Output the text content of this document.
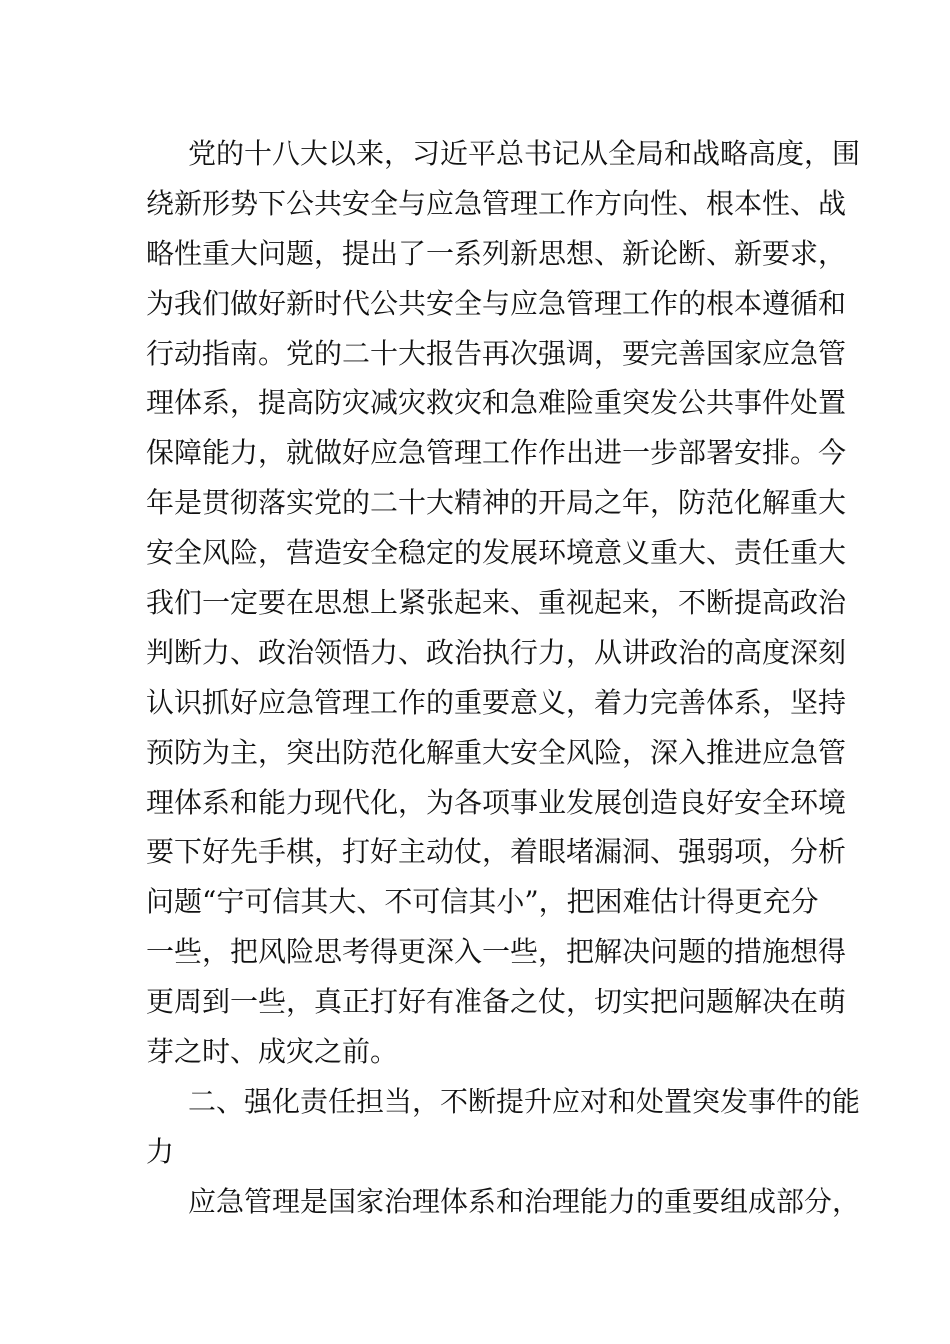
党的十八大以来，习近平总书记从全局和战略高度，围
绕新形势下公共安全与应急管理工作方向性、根本性、战
略性重大问题，提出了一系列新思想、新论断、新要求，
为我们做好新时代公共安全与应急管理工作的根本遵循和
行动指南。党的二十大报告再次强调，要完善国家应急管
理体系，提高防灾减灾救灾和急难险重突发公共事件处置
保障能力，就做好应急管理工作作出进一步部署安排。今
年是贯彻落实党的二十大精神的开局之年，防范化解重大
安全风险，营造安全稳定的发展环境意义重大、责任重大
我们一定要在思想上紧张起来、重视起来，不断提高政治
判断力、政治领悟力、政治执行力，从讲政治的高度深刻
认识抓好应急管理工作的重要意义，着力完善体系，坚持
预防为主，突出防范化解重大安全风险，深入推进应急管
理体系和能力现代化，为各项事业发展创造良好安全环境
要下好先手棋，打好主动仗，着眼堵漏洞、强弱项，分析
问题“宁可信其大、不可信其小”，把困难估计得更充分
一些，把风险思考得更深入一些，把解决问题的措施想得
更周到一些，真正打好有准备之仗，切实把问题解决在萌
芽之时、成灾之前。
二、强化责任担当，不断提升应对和处置突发事件的能
力
应急管理是国家治理体系和治理能力的重要组成部分，
